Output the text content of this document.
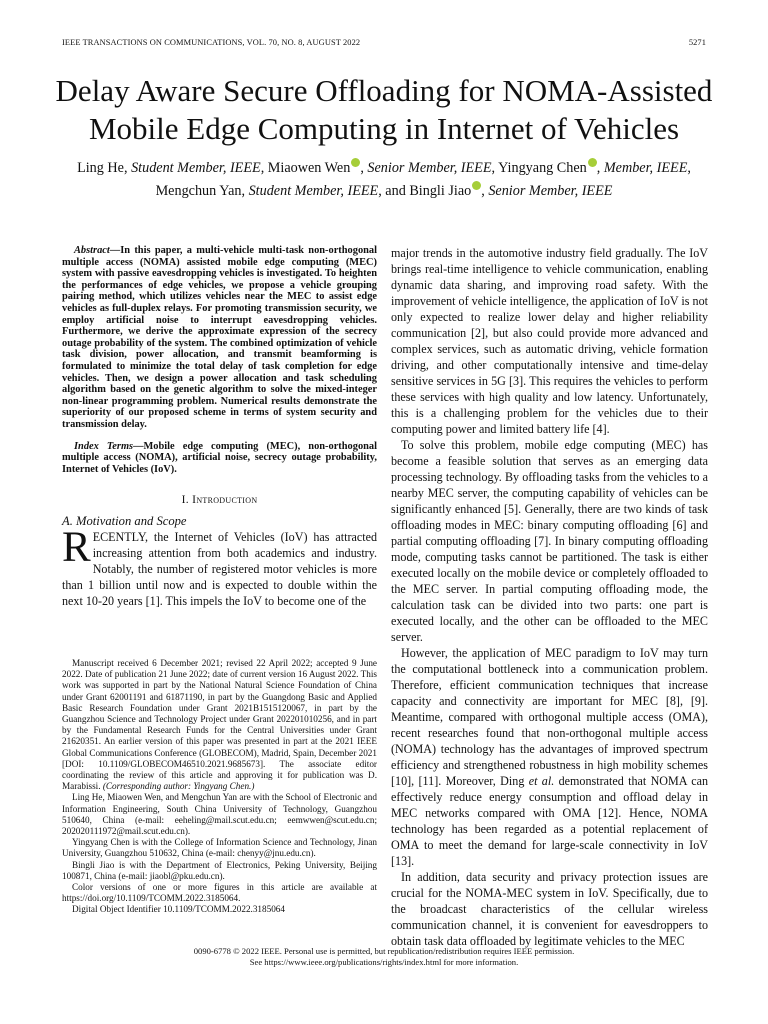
IEEE TRANSACTIONS ON COMMUNICATIONS, VOL. 70, NO. 8, AUGUST 2022	5271
Delay Aware Secure Offloading for NOMA-Assisted
Mobile Edge Computing in Internet of Vehicles
Ling He, Student Member, IEEE, Miaowen Wen , Senior Member, IEEE, Yingyang Chen , Member, IEEE,
Mengchun Yan, Student Member, IEEE, and Bingli Jiao , Senior Member, IEEE

Abstract—In this paper, a multi-vehicle multi-task non-orthogonal multiple access (NOMA) assisted mobile edge computing (MEC) system with passive eavesdropping vehicles is investigated. To heighten the performances of edge vehicles, we propose a vehicle grouping pairing method, which utilizes vehicles near the MEC to assist edge vehicles as full-duplex relays. For promoting transmission security, we employ artificial noise to interrupt eavesdropping vehicles. Furthermore, we derive the approximate expression of the secrecy outage probability of the system. The combined optimization of vehicle task division, power allocation, and transmit beamforming is formulated to minimize the total delay of task completion for edge vehicles. Then, we design a power allocation and task scheduling algorithm based on the genetic algorithm to solve the mixed-integer non-linear programming problem. Numerical results demonstrate the superiority of our proposed scheme in terms of system security and transmission delay.

Index Terms—Mobile edge computing (MEC), non-orthogonal multiple access (NOMA), artificial noise, secrecy outage probability, Internet of Vehicles (IoV).

I. Introduction
A. Motivation and Scope

RECENTLY, the Internet of Vehicles (IoV) has attracted increasing attention from both academics and industry. Notably, the number of registered motor vehicles is more than 1 billion until now and is expected to double within the next 10-20 years [1]. This impels the IoV to become one of the

Manuscript received 6 December 2021; revised 22 April 2022; accepted 9 June 2022. Date of publication 21 June 2022; date of current version 16 August 2022. This work was supported in part by the National Natural Science Foundation of China under Grant 62001191 and 61871190, in part by the Guangdong Basic and Applied Basic Research Foundation under Grant 2021B1515120067, in part by the Guangzhou Science and Technology Project under Grant 202201010256, and in part by the Fundamental Research Funds for the Central Universities under Grant 21620351. An earlier version of this paper was presented in part at the 2021 IEEE Global Communications Conference (GLOBECOM), Madrid, Spain, December 2021 [DOI: 10.1109/GLOBECOM46510.2021.9685673]. The associate editor coordinating the review of this article and approving it for publication was D. Marabissi. (Corresponding author: Yingyang Chen.)

Ling He, Miaowen Wen, and Mengchun Yan are with the School of Electronic and Information Engineering, South China University of Technology, Guangzhou 510640, China (e-mail: eeheling@mail.scut.edu.cn; eemwwen@scut.edu.cn; 202020111972@mail.scut.edu.cn).

Yingyang Chen is with the College of Information Science and Technology, Jinan University, Guangzhou 510632, China (e-mail: chenyy@jnu.edu.cn).

Bingli Jiao is with the Department of Electronics, Peking University, Beijing 100871, China (e-mail: jiaobl@pku.edu.cn).

Color versions of one or more figures in this article are available at https://doi.org/10.1109/TCOMM.2022.3185064.

Digital Object Identifier 10.1109/TCOMM.2022.3185064

major trends in the automotive industry field gradually. The IoV brings real-time intelligence to vehicle communication, enabling dynamic data sharing, and improving road safety. With the improvement of vehicle intelligence, the application of IoV is not only expected to realize lower delay and higher reliability communication [2], but also could provide more advanced and complex services, such as automatic driving, vehicle formation driving, and other computationally intensive and time-delay sensitive services in 5G [3]. This requires the vehicles to perform these services with high quality and low latency. Unfortunately, this is a challenging problem for the vehicles due to their computing power and limited battery life [4].

To solve this problem, mobile edge computing (MEC) has become a feasible solution that serves as an emerging data processing technology. By offloading tasks from the vehicles to a nearby MEC server, the computing capability of vehicles can be significantly enhanced [5]. Generally, there are two kinds of task offloading modes in MEC: binary computing offloading [6] and partial computing offloading [7]. In binary computing offloading mode, computing tasks cannot be partitioned. The task is either executed locally on the mobile device or completely offloaded to the MEC server. In partial computing offloading mode, the calculation task can be divided into two parts: one part is executed locally, and the other can be offloaded to the MEC server.

However, the application of MEC paradigm to IoV may turn the computational bottleneck into a communication problem. Therefore, efficient communication techniques that increase capacity and connectivity are important for MEC [8], [9]. Meantime, compared with orthogonal multiple access (OMA), recent researches found that non-orthogonal multiple access (NOMA) technology has the advantages of improved spectrum efficiency and strengthened robustness in high mobility schemes [10], [11]. Moreover, Ding et al. demonstrated that NOMA can effectively reduce energy consumption and offload delay in MEC networks compared with OMA [12]. Hence, NOMA technology has been regarded as a potential replacement of OMA to meet the demand for large-scale connectivity in IoV [13].

In addition, data security and privacy protection issues are crucial for the NOMA-MEC system in IoV. Specifically, due to the broadcast characteristics of the cellular wireless communication channel, it is convenient for eavesdroppers to obtain task data offloaded by legitimate vehicles to the MEC

0090-6778 © 2022 IEEE. Personal use is permitted, but republication/redistribution requires IEEE permission.
See https://www.ieee.org/publications/rights/index.html for more information.
